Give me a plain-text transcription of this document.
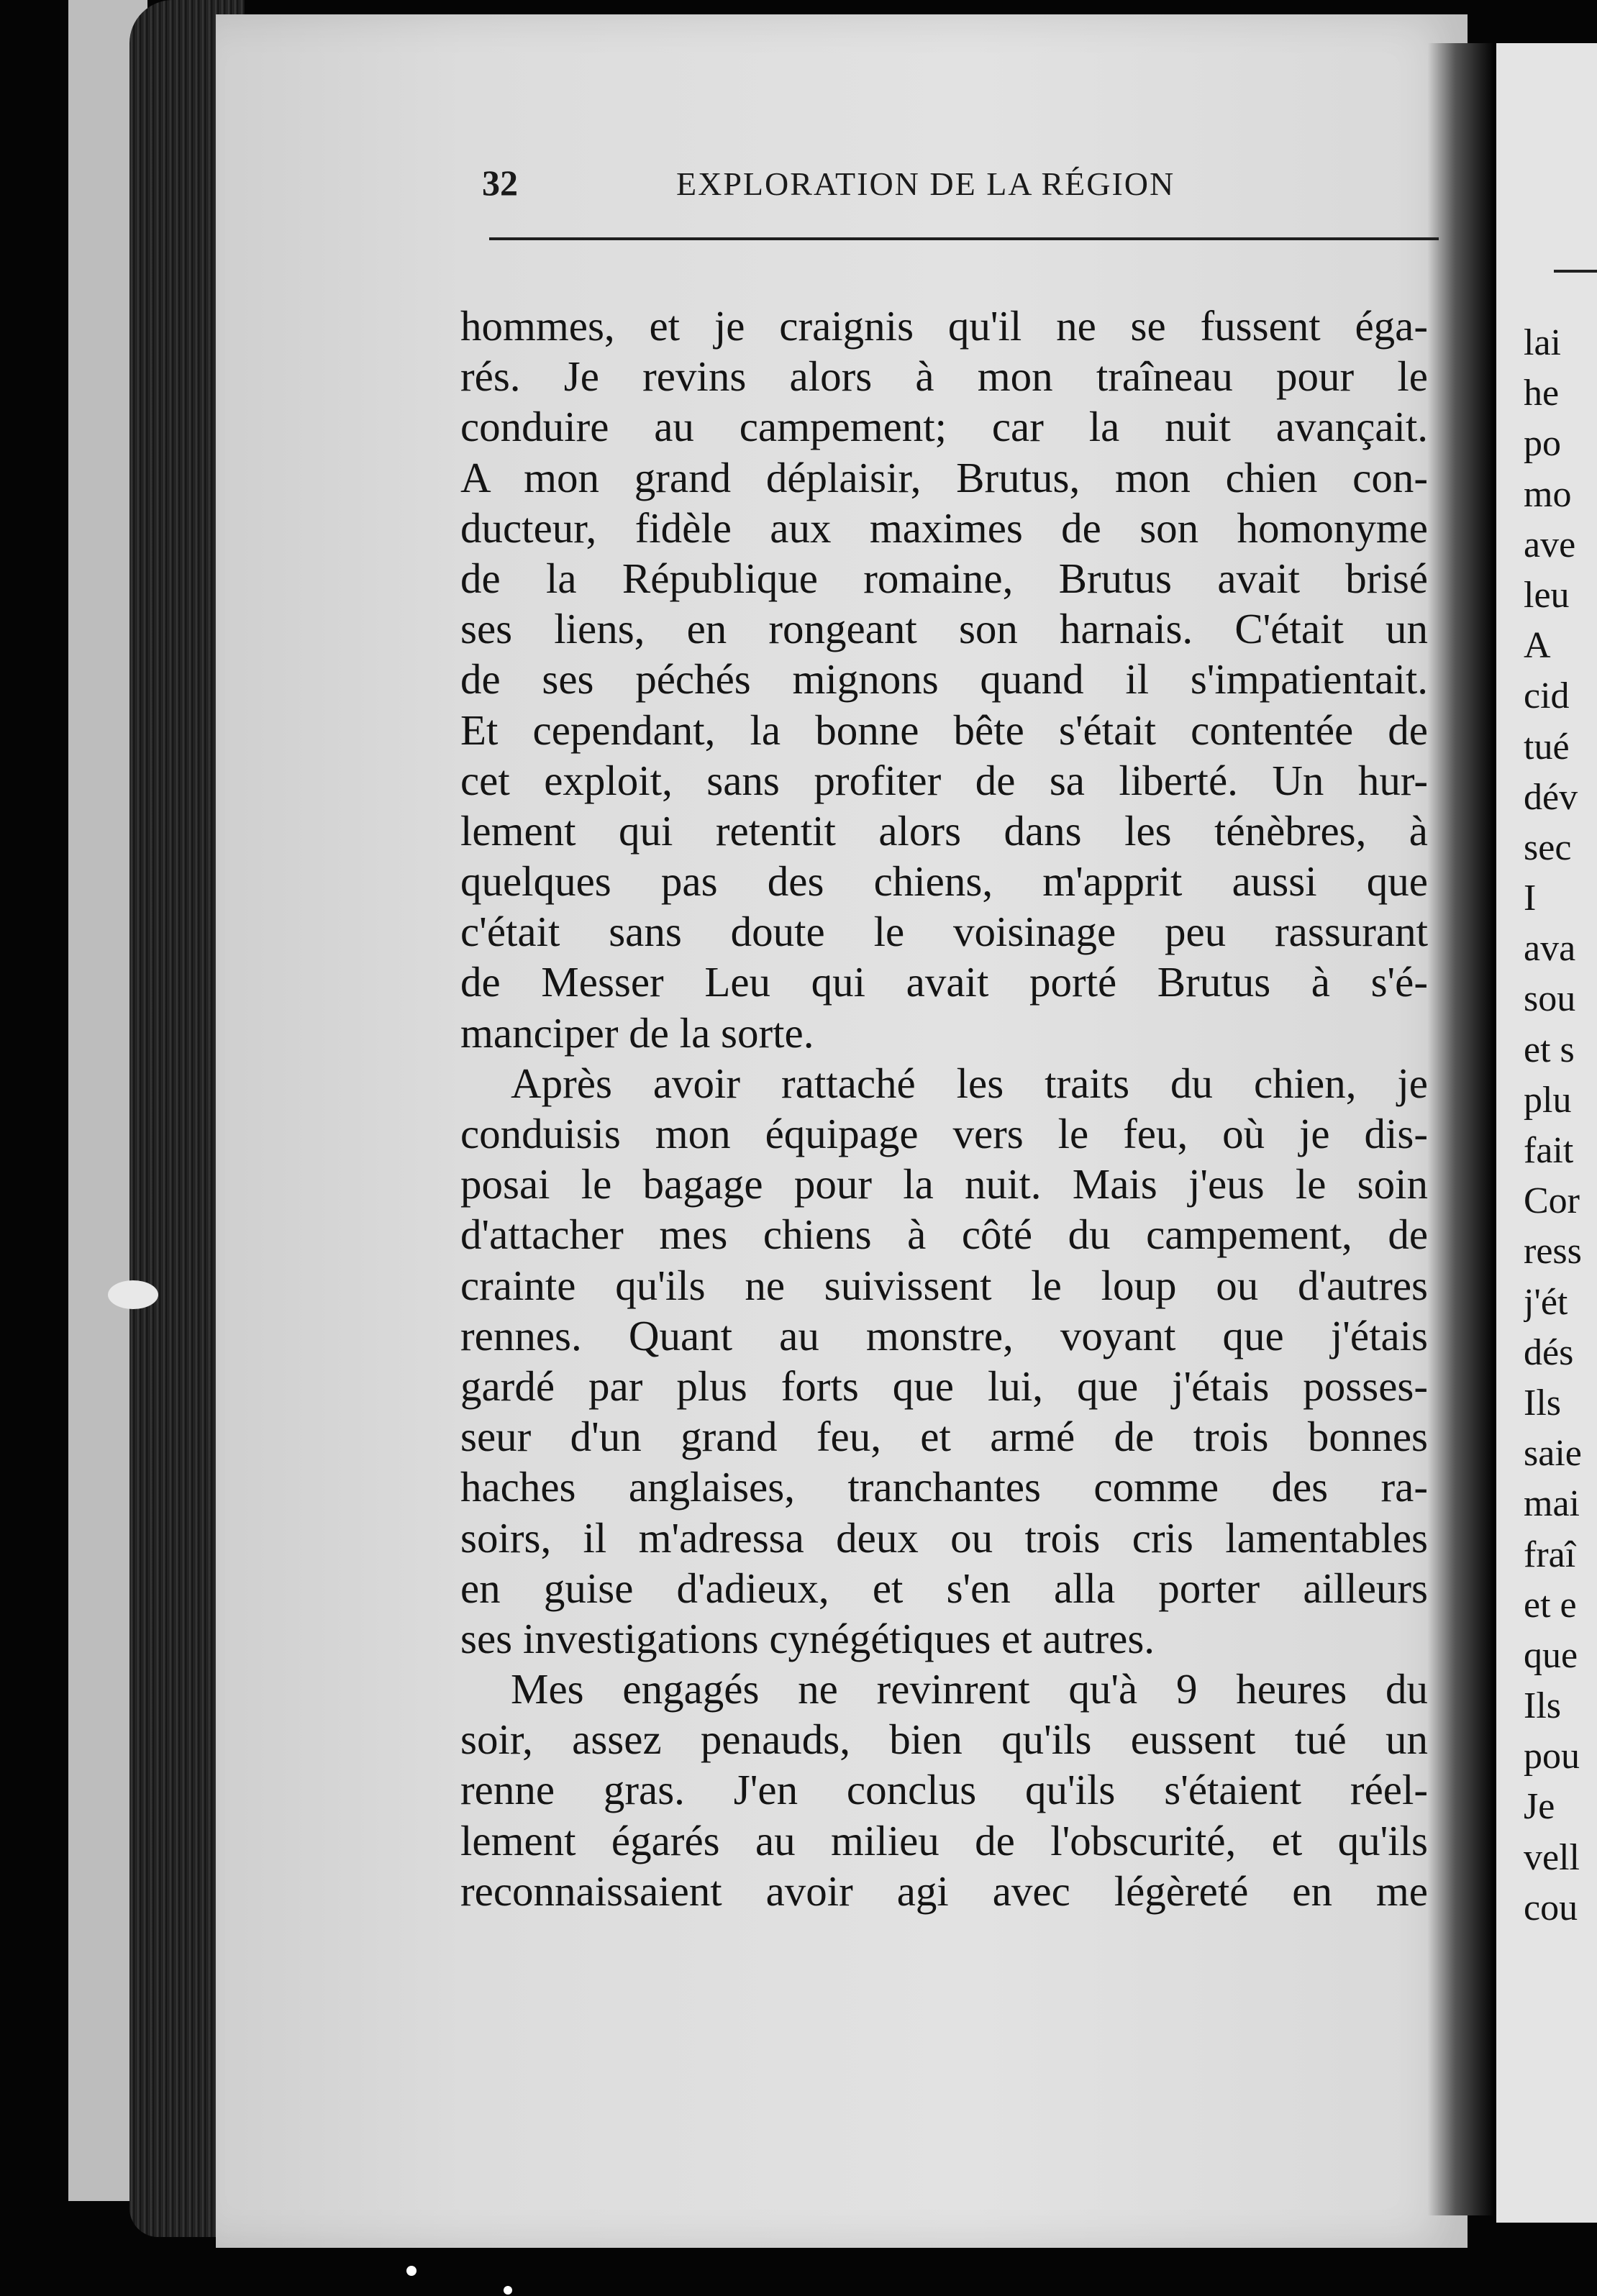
32	EXPLORATION DE LA RÉGION
hommes, et je craignis qu'il ne se fussent éga-
rés. Je revins alors à mon traîneau pour le
conduire au campement; car la nuit avançait.
A mon grand déplaisir, Brutus, mon chien con-
ducteur, fidèle aux maximes de son homonyme
de la République romaine, Brutus avait brisé
ses liens, en rongeant son harnais. C'était un
de ses péchés mignons quand il s'impatientait.
Et cependant, la bonne bête s'était contentée de
cet exploit, sans profiter de sa liberté. Un hur-
lement qui retentit alors dans les ténèbres, à
quelques pas des chiens, m'apprit aussi que
c'était sans doute le voisinage peu rassurant
de Messer Leu qui avait porté Brutus à s'é-
manciper de la sorte.
Après avoir rattaché les traits du chien, je
conduisis mon équipage vers le feu, où je dis-
posai le bagage pour la nuit. Mais j'eus le soin
d'attacher mes chiens à côté du campement, de
crainte qu'ils ne suivissent le loup ou d'autres
rennes. Quant au monstre, voyant que j'étais
gardé par plus forts que lui, que j'étais posses-
seur d'un grand feu, et armé de trois bonnes
haches anglaises, tranchantes comme des ra-
soirs, il m'adressa deux ou trois cris lamentables
en guise d'adieux, et s'en alla porter ailleurs
ses investigations cynégétiques et autres.
Mes engagés ne revinrent qu'à 9 heures du
soir, assez penauds, bien qu'ils eussent tué un
renne gras. J'en conclus qu'ils s'étaient réel-
lement égarés au milieu de l'obscurité, et qu'ils
reconnaissaient avoir agi avec légèreté en me
lai
he
po
mo
ave
leu
A
cid
tué
dév
sec
I
ava
sou
et s
plu
fait
Cor
ress
j'ét
dés
Ils
saie
mai
fraî
et e
que
Ils
pou
Je
vell
cou
